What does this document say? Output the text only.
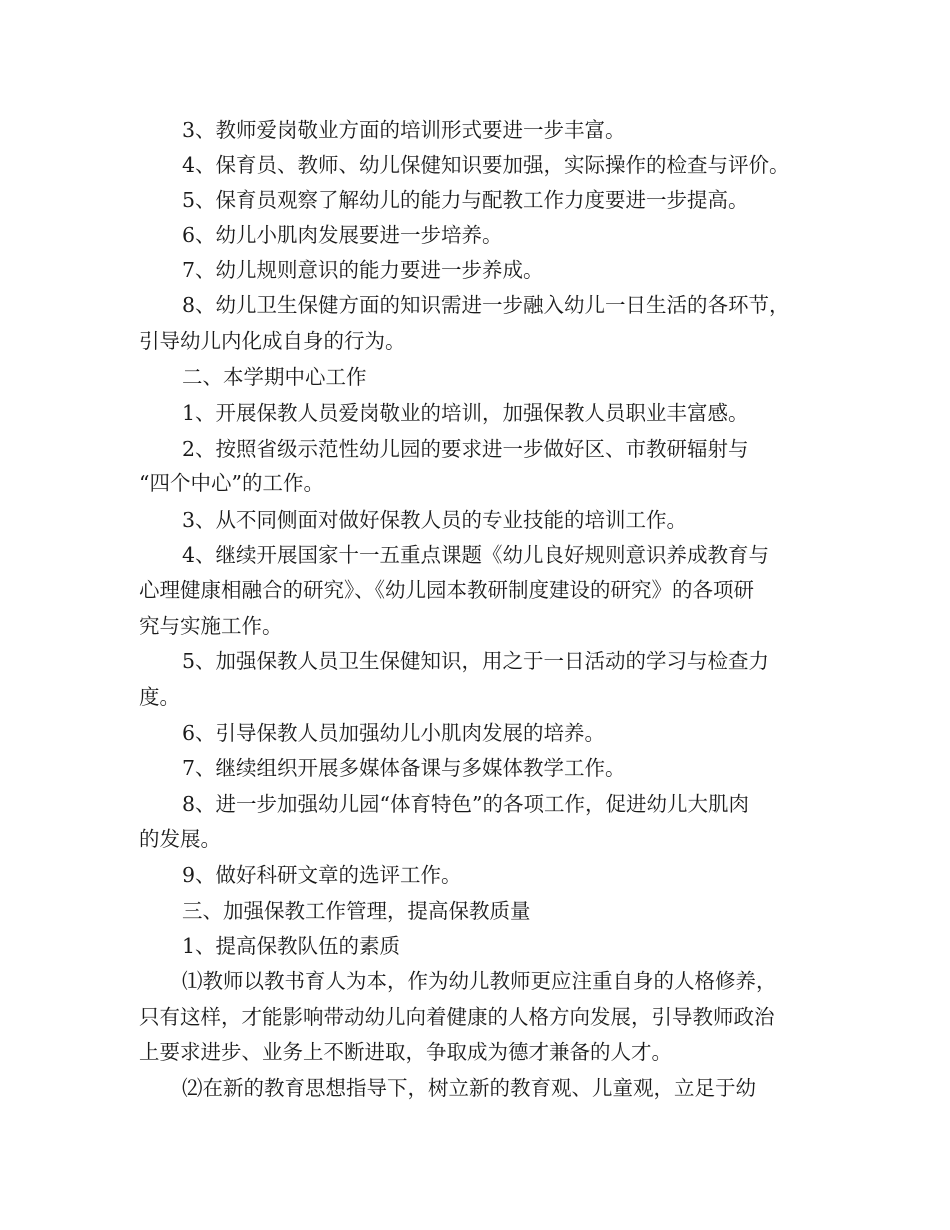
3、教师爱岗敬业方面的培训形式要进一步丰富。

4、保育员、教师、幼儿保健知识要加强，实际操作的检查与评价。

5、保育员观察了解幼儿的能力与配教工作力度要进一步提高。

6、幼儿小肌肉发展要进一步培养。

7、幼儿规则意识的能力要进一步养成。

8、幼儿卫生保健方面的知识需进一步融入幼儿一日生活的各环节，

引导幼儿内化成自身的行为。

二、本学期中心工作

1、开展保教人员爱岗敬业的培训，加强保教人员职业丰富感。

2、按照省级示范性幼儿园的要求进一步做好区、市教研辐射与

“四个中心”的工作。

3、从不同侧面对做好保教人员的专业技能的培训工作。

4、继续开展国家十一五重点课题《幼儿良好规则意识养成教育与

心理健康相融合的研究》、《幼儿园本教研制度建设的研究》的各项研

究与实施工作。

5、加强保教人员卫生保健知识，用之于一日活动的学习与检查力

度。

6、引导保教人员加强幼儿小肌肉发展的培养。

7、继续组织开展多媒体备课与多媒体教学工作。

8、进一步加强幼儿园“体育特色”的各项工作，促进幼儿大肌肉

的发展。

9、做好科研文章的选评工作。

三、加强保教工作管理，提高保教质量

1、提高保教队伍的素质

⑴教师以教书育人为本，作为幼儿教师更应注重自身的人格修养，

只有这样，才能影响带动幼儿向着健康的人格方向发展，引导教师政治

上要求进步、业务上不断进取，争取成为德才兼备的人才。

⑵在新的教育思想指导下，树立新的教育观、儿童观，立足于幼
